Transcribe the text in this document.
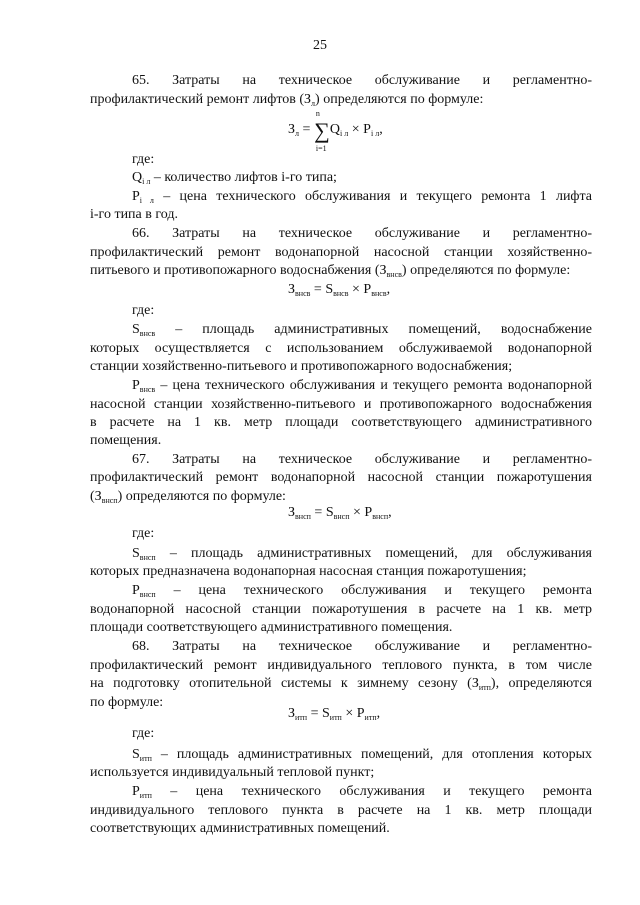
25
65. Затраты на техническое обслуживание и регламентно-
профилактический ремонт лифтов $(З_л)$ определяются по формуле:
$З_л$ =
n
∑
i=1
$Q_{i л} \times P_{i л}$,
где:
$Q_{i л}$ – количество лифтов i-го типа;
$P_{i л}$ – цена технического обслуживания и текущего ремонта 1 лифта
i-го типа в год.
66. Затраты на техническое обслуживание и регламентно-
профилактический ремонт водонапорной насосной станции хозяйственно-
питьевого и противопожарного водоснабжения $(З_{внсв})$ определяются по формуле:
$З_{внсв} = S_{внсв} \times P_{внсв}$,
где:
$S_{внсв}$ – площадь административных помещений, водоснабжение
которых осуществляется с использованием обслуживаемой водонапорной
станции хозяйственно-питьевого и противопожарного водоснабжения;
$P_{внсв}$ – цена технического обслуживания и текущего ремонта водонапорной
насосной станции хозяйственно-питьевого и противопожарного водоснабжения
в расчете на 1 кв. метр площади соответствующего административного
помещения.
67. Затраты на техническое обслуживание и регламентно-
профилактический ремонт водонапорной насосной станции пожаротушения
$(З_{внсп})$ определяются по формуле:
$З_{внсп} = S_{внсп} \times P_{внсп}$,
где:
$S_{внсп}$ – площадь административных помещений, для обслуживания
которых предназначена водонапорная насосная станция пожаротушения;
$P_{внсп}$ – цена технического обслуживания и текущего ремонта
водонапорной насосной станции пожаротушения в расчете на 1 кв. метр
площади соответствующего административного помещения.
68. Затраты на техническое обслуживание и регламентно-
профилактический ремонт индивидуального теплового пункта, в том числе
на подготовку отопительной системы к зимнему сезону $(З_{итп})$, определяются
по формуле:
$З_{итп} = S_{итп} \times P_{итп}$,
где:
$S_{итп}$ – площадь административных помещений, для отопления которых
используется индивидуальный тепловой пункт;
$P_{итп}$ – цена технического обслуживания и текущего ремонта
индивидуального теплового пункта в расчете на 1 кв. метр площади
соответствующих административных помещений.
